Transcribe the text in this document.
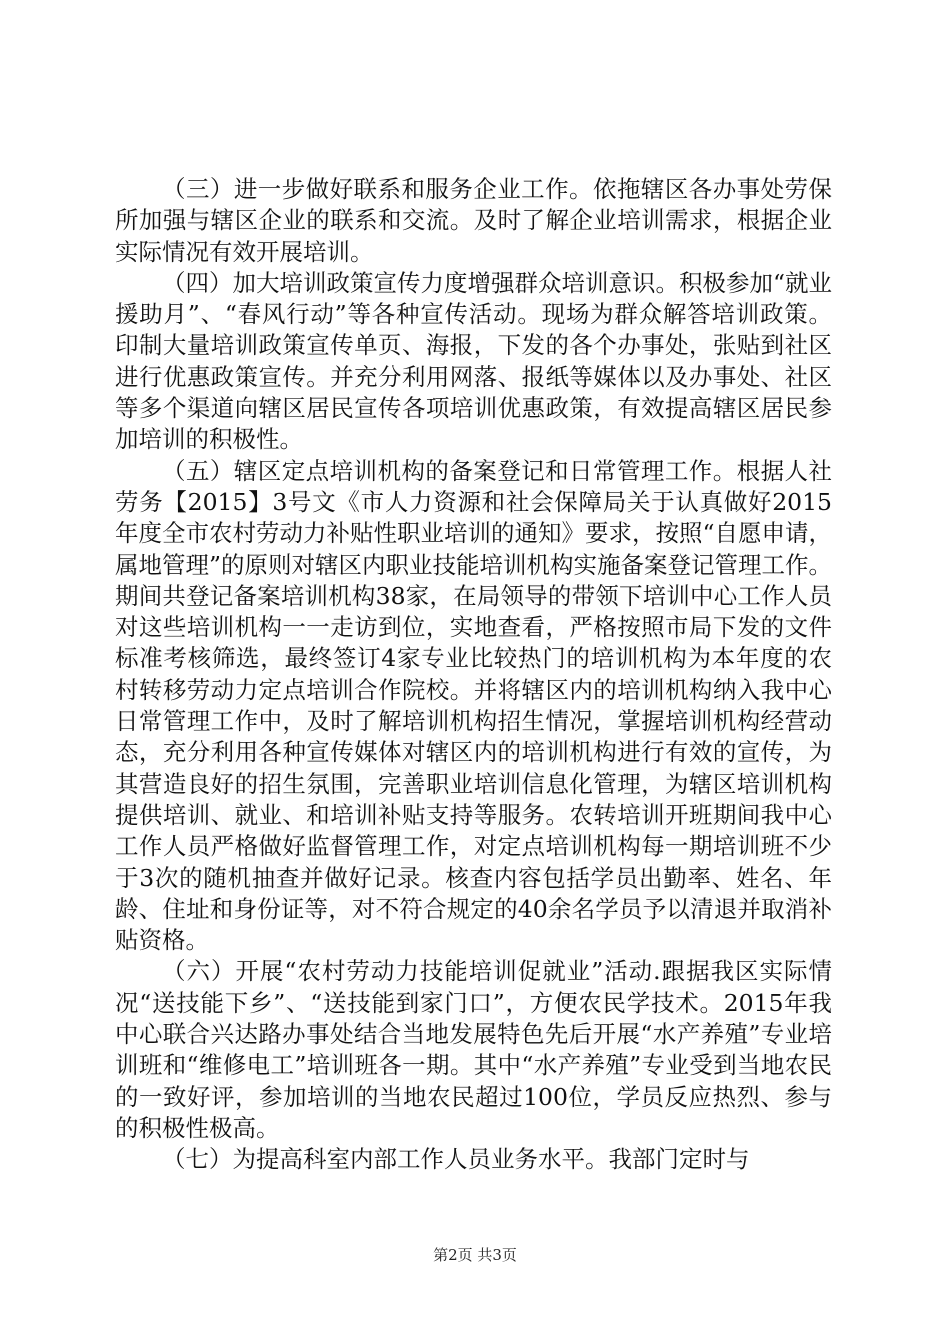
（三）进一步做好联系和服务企业工作。依拖辖区各办事处劳保所加强与辖区企业的联系和交流。及时了解企业培训需求，根据企业实际情况有效开展培训。

（四）加大培训政策宣传力度增强群众培训意识。积极参加“就业援助月”、“春风行动”等各种宣传活动。现场为群众解答培训政策。印制大量培训政策宣传单页、海报，下发的各个办事处，张贴到社区进行优惠政策宣传。并充分利用网落、报纸等媒体以及办事处、社区等多个渠道向辖区居民宣传各项培训优惠政策，有效提高辖区居民参加培训的积极性。

（五）辖区定点培训机构的备案登记和日常管理工作。根据人社劳务【2015】3号文《市人力资源和社会保障局关于认真做好2015年度全市农村劳动力补贴性职业培训的通知》要求，按照“自愿申请，属地管理”的原则对辖区内职业技能培训机构实施备案登记管理工作。期间共登记备案培训机构38家，在局领导的带领下培训中心工作人员对这些培训机构一一走访到位，实地查看，严格按照市局下发的文件标准考核筛选，最终签订4家专业比较热门的培训机构为本年度的农村转移劳动力定点培训合作院校。并将辖区内的培训机构纳入我中心日常管理工作中，及时了解培训机构招生情况，掌握培训机构经营动态，充分利用各种宣传媒体对辖区内的培训机构进行有效的宣传，为其营造良好的招生氛围，完善职业培训信息化管理，为辖区培训机构提供培训、就业、和培训补贴支持等服务。农转培训开班期间我中心工作人员严格做好监督管理工作，对定点培训机构每一期培训班不少于3次的随机抽查并做好记录。核查内容包括学员出勤率、姓名、年龄、住址和身份证等，对不符合规定的40余名学员予以清退并取消补贴资格。

（六）开展“农村劳动力技能培训促就业”活动.跟据我区实际情况“送技能下乡”、“送技能到家门口”，方便农民学技术。2015年我中心联合兴达路办事处结合当地发展特色先后开展“水产养殖”专业培训班和“维修电工”培训班各一期。其中“水产养殖”专业受到当地农民的一致好评，参加培训的当地农民超过100位，学员反应热烈、参与的积极性极高。

（七）为提高科室内部工作人员业务水平。我部门定时与

第2页 共3页
